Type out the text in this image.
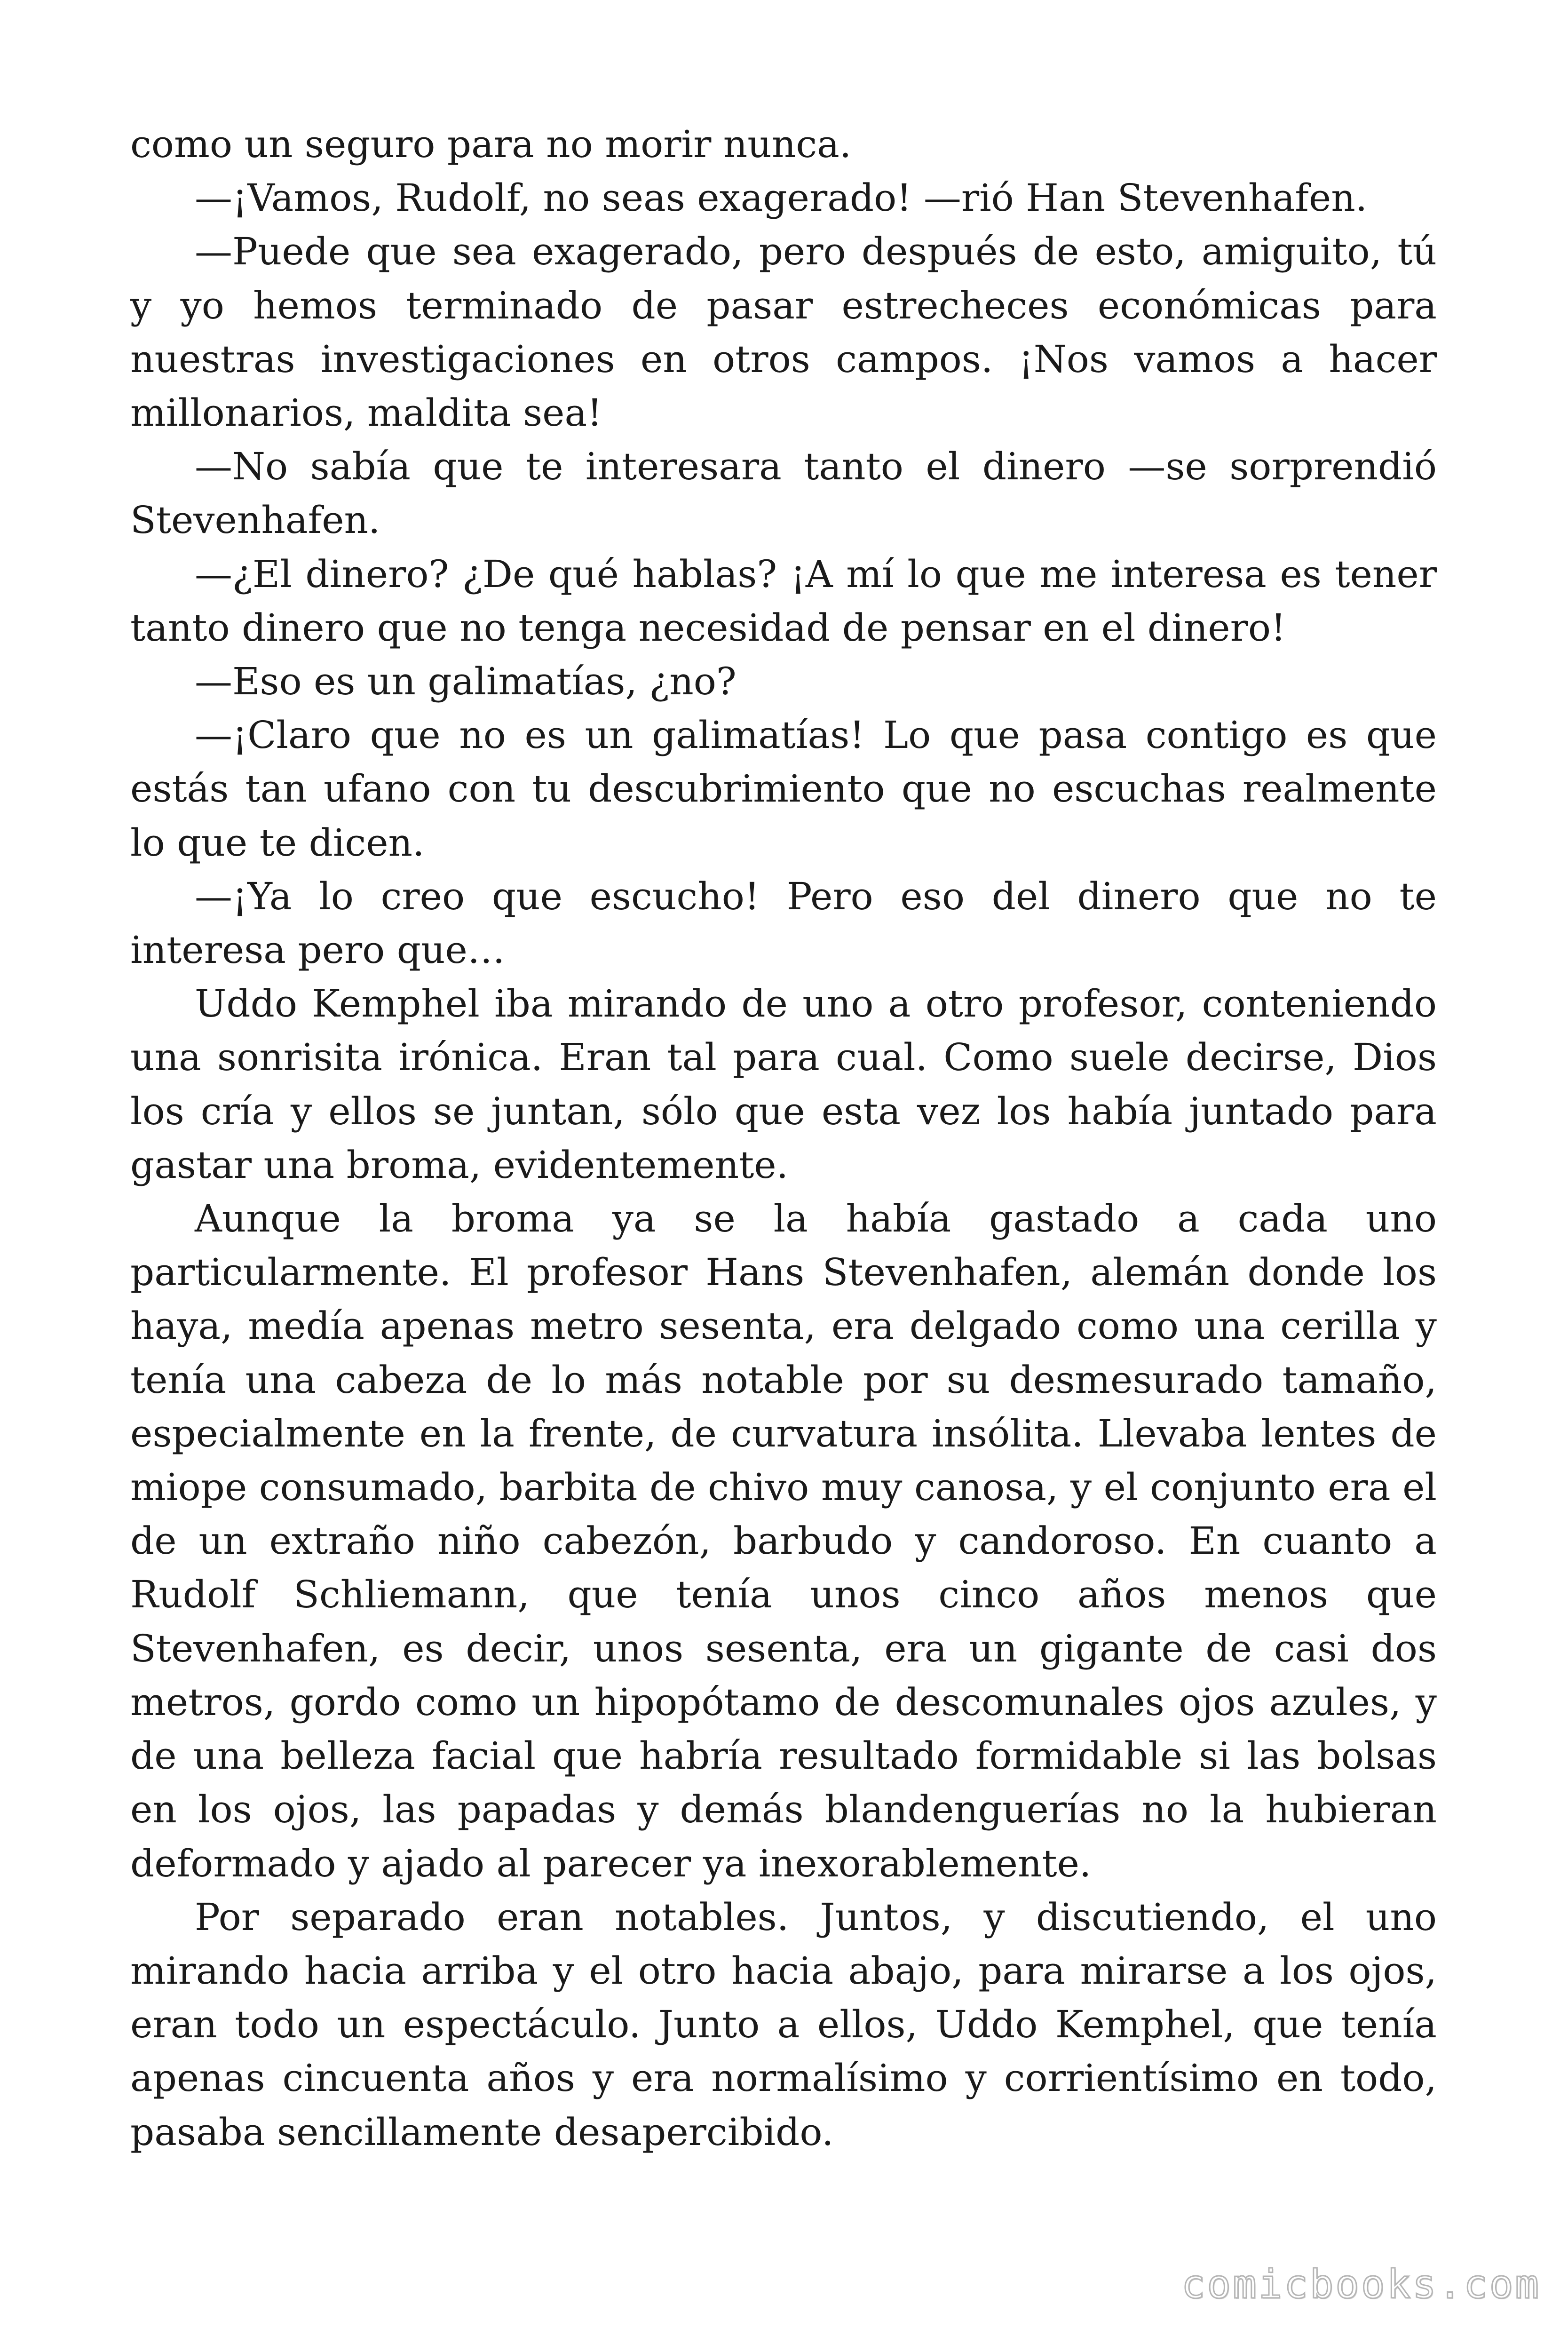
como un seguro para no morir nunca.

—¡Vamos, Rudolf, no seas exagerado! —rió Han Stevenhafen.

—Puede que sea exagerado, pero después de esto, amiguito, tú y yo hemos terminado de pasar estrecheces económicas para nuestras investigaciones en otros campos. ¡Nos vamos a hacer millonarios, maldita sea!

—No sabía que te interesara tanto el dinero —se sorprendió Stevenhafen.

—¿El dinero? ¿De qué hablas? ¡A mí lo que me interesa es tener tanto dinero que no tenga necesidad de pensar en el dinero!

—Eso es un galimatías, ¿no?

—¡Claro que no es un galimatías! Lo que pasa contigo es que estás tan ufano con tu descubrimiento que no escuchas realmente lo que te dicen.

—¡Ya lo creo que escucho! Pero eso del dinero que no te interesa pero que…

Uddo Kemphel iba mirando de uno a otro profesor, conteniendo una sonrisita irónica. Eran tal para cual. Como suele decirse, Dios los cría y ellos se juntan, sólo que esta vez los había juntado para gastar una broma, evidentemente.

Aunque la broma ya se la había gastado a cada uno particularmente. El profesor Hans Stevenhafen, alemán donde los haya, medía apenas metro sesenta, era delgado como una cerilla y tenía una cabeza de lo más notable por su desmesurado tamaño, especialmente en la frente, de curvatura insólita. Llevaba lentes de miope consumado, barbita de chivo muy canosa, y el conjunto era el de un extraño niño cabezón, barbudo y candoroso. En cuanto a Rudolf Schliemann, que tenía unos cinco años menos que Stevenhafen, es decir, unos sesenta, era un gigante de casi dos metros, gordo como un hipopótamo de descomunales ojos azules, y de una belleza facial que habría resultado formidable si las bolsas en los ojos, las papadas y demás blandenguerías no la hubieran deformado y ajado al parecer ya inexorablemente.

Por separado eran notables. Juntos, y discutiendo, el uno mirando hacia arriba y el otro hacia abajo, para mirarse a los ojos, eran todo un espectáculo. Junto a ellos, Uddo Kemphel, que tenía apenas cincuenta años y era normalísimo y corrientísimo en todo, pasaba sencillamente desapercibido.

comicbooks.com
